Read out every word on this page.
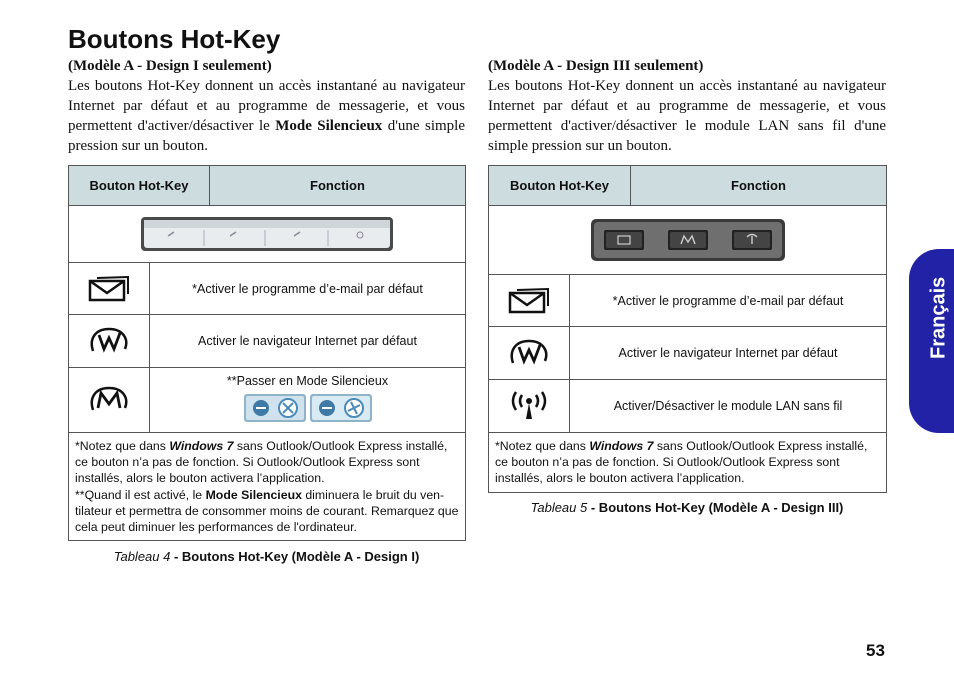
Boutons Hot-Key
(Modèle A - Design I seulement)
Les boutons Hot-Key donnent un accès instantané au navigateur Internet par défaut et au programme de messagerie, et vous permettent d'activer/désactiver le Mode Silencieux d'une simple pression sur un bouton.
(Modèle A - Design III seulement)
Les boutons Hot-Key donnent un accès instantané au navigateur Internet par défaut et au programme de messagerie, et vous permettent d'activer/désactiver le module LAN sans fil d'une simple pression sur un bouton.
Bouton Hot-Key	Fonction
*Activer le programme d’e-mail par défaut
Activer le navigateur Internet par défaut
**Passer en Mode Silencieux
*Notez que dans Windows 7 sans Outlook/Outlook Express installé, ce bouton n’a pas de fonction. Si Outlook/Outlook Express sont installés, alors le bouton activera l’application.
**Quand il est activé, le Mode Silencieux diminuera le bruit du ventilateur et permettra de consommer moins de courant. Remarquez que cela peut diminuer les performances de l'ordinateur.
Tableau 4 - Boutons Hot-Key (Modèle A - Design I)
Bouton Hot-Key	Fonction
*Activer le programme d’e-mail par défaut
Activer le navigateur Internet par défaut
Activer/Désactiver le module LAN sans fil
*Notez que dans Windows 7 sans Outlook/Outlook Express installé, ce bouton n’a pas de fonction. Si Outlook/Outlook Express sont installés, alors le bouton activera l’application.
Tableau 5 - Boutons Hot-Key (Modèle A - Design III)
Français
53
